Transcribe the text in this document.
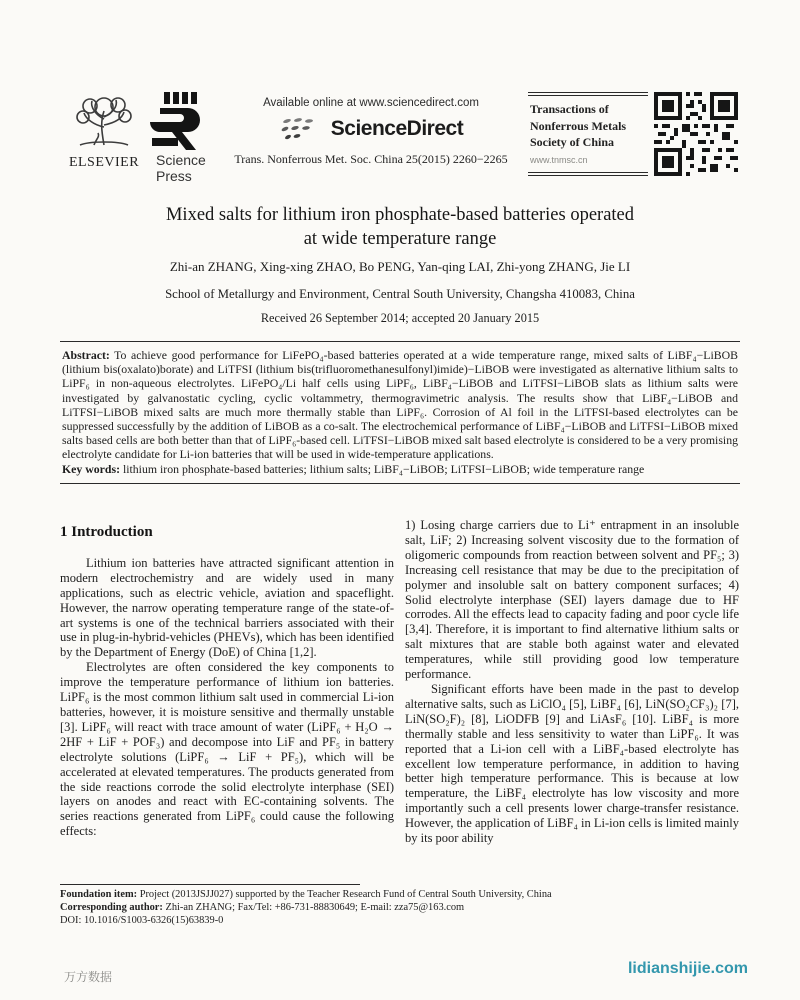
ELSEVIER	Science
Press
Available online at www.sciencedirect.com
ScienceDirect
Trans. Nonferrous Met. Soc. China 25(2015) 2260−2265
Transactions of Nonferrous Metals Society of China
www.tnmsc.cn
Mixed salts for lithium iron phosphate-based batteries operated
at wide temperature range
Zhi-an ZHANG, Xing-xing ZHAO, Bo PENG, Yan-qing LAI, Zhi-yong ZHANG, Jie LI
School of Metallurgy and Environment, Central South University, Changsha 410083, China
Received 26 September 2014; accepted 20 January 2015

Abstract: To achieve good performance for LiFePO₄-based batteries operated at a wide temperature range, mixed salts of LiBF₄−LiBOB (lithium bis(oxalato)borate) and LiTFSI (lithium bis(trifluoromethanesulfonyl)imide)−LiBOB were investigated as alternative lithium salts to LiPF₆ in non-aqueous electrolytes. LiFePO₄/Li half cells using LiPF₆, LiBF₄−LiBOB and LiTFSI−LiBOB slats as lithium salts were investigated by galvanostatic cycling, cyclic voltammetry, thermogravimetric analysis. The results show that LiBF₄−LiBOB and LiTFSI−LiBOB mixed salts are much more thermally stable than LiPF₆. Corrosion of Al foil in the LiTFSI-based electrolytes can be suppressed successfully by the addition of LiBOB as a co-salt. The electrochemical performance of LiBF₄−LiBOB and LiTFSI−LiBOB mixed salts based cells are both better than that of LiPF₆-based cell. LiTFSI−LiBOB mixed salt based electrolyte is considered to be a very promising electrolyte candidate for Li-ion batteries that will be used in wide-temperature applications.

Key words: lithium iron phosphate-based batteries; lithium salts; LiBF₄−LiBOB; LiTFSI−LiBOB; wide temperature range

1 Introduction

Lithium ion batteries have attracted significant attention in modern electrochemistry and are widely used in many applications, such as electric vehicle, aviation and spaceflight. However, the narrow operating temperature range of the state-of-art systems is one of the technical barriers associated with their use in plug-in-hybrid-vehicles (PHEVs), which has been identified by the Department of Energy (DoE) of China [1,2].

Electrolytes are often considered the key components to improve the temperature performance of lithium ion batteries. LiPF₆ is the most common lithium salt used in commercial Li-ion batteries, however, it is moisture sensitive and thermally unstable [3]. LiPF₆ will react with trace amount of water (LiPF₆ + H₂O → 2HF + LiF + POF₃) and decompose into LiF and PF₅ in battery electrolyte solutions (LiPF₆ → LiF + PF₅), which will be accelerated at elevated temperatures. The products generated from the side reactions corrode the solid electrolyte interphase (SEI) layers on anodes and react with EC-containing solvents. The series reactions generated from LiPF₆ could cause the following effects:

1) Losing charge carriers due to Li⁺ entrapment in an insoluble salt, LiF; 2) Increasing solvent viscosity due to the formation of oligomeric compounds from reaction between solvent and PF₅; 3) Increasing cell resistance that may be due to the precipitation of polymer and insoluble salt on battery component surfaces; 4) Solid electrolyte interphase (SEI) layers damage due to HF corrodes. All the effects lead to capacity fading and poor cycle life [3,4]. Therefore, it is important to find alternative lithium salts or salt mixtures that are stable both against water and elevated temperatures, while still providing good low temperature performance.

Significant efforts have been made in the past to develop alternative salts, such as LiClO₄ [5], LiBF₄ [6], LiN(SO₂CF₃)₂ [7], LiN(SO₂F)₂ [8], LiODFB [9] and LiAsF₆ [10]. LiBF₄ is more thermally stable and less sensitivity to water than LiPF₆. It was reported that a Li-ion cell with a LiBF₄-based electrolyte has excellent low temperature performance, in addition to having better high temperature performance. This is because at low temperature, the LiBF₄ electrolyte has low viscosity and more importantly such a cell presents lower charge-transfer resistance. However, the application of LiBF₄ in Li-ion cells is limited mainly by its poor ability

Foundation item: Project (2013JSJJ027) supported by the Teacher Research Fund of Central South University, China
Corresponding author: Zhi-an ZHANG; Fax/Tel: +86-731-88830649; E-mail: zza75@163.com
DOI: 10.1016/S1003-6326(15)63839-0
万方数据	lidianshijie.com
